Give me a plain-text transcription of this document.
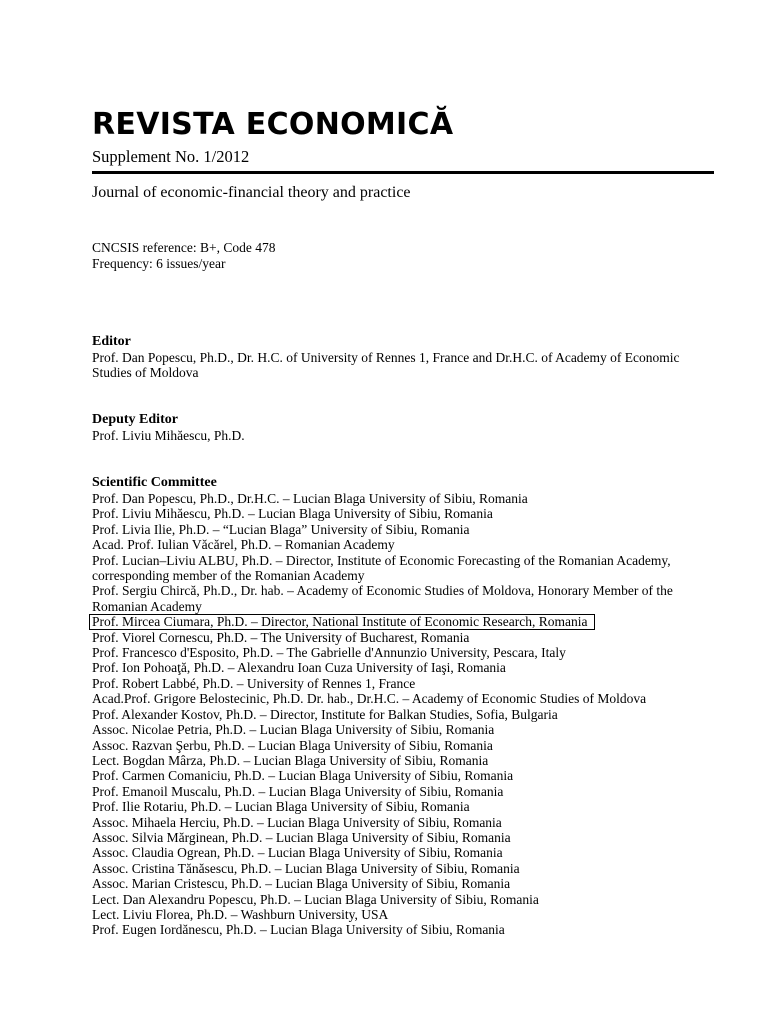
REVISTA ECONOMICĂ
Supplement No. 1/2012
Journal of economic-financial theory and practice
CNCSIS reference: B+, Code 478
Frequency: 6 issues/year
Editor
Prof. Dan Popescu, Ph.D., Dr. H.C. of University of Rennes 1, France and Dr.H.C. of Academy of Economic Studies of Moldova
Deputy Editor
Prof. Liviu Mihăescu, Ph.D.
Scientific Committee
Prof. Dan Popescu, Ph.D., Dr.H.C. – Lucian Blaga University of Sibiu, Romania
Prof. Liviu Mihăescu, Ph.D. – Lucian Blaga University of Sibiu, Romania
Prof. Livia Ilie, Ph.D. – “Lucian Blaga” University of Sibiu, Romania
Acad. Prof. Iulian Văcărel, Ph.D. – Romanian Academy
Prof. Lucian–Liviu ALBU, Ph.D. – Director, Institute of Economic Forecasting of the Romanian Academy, corresponding member of the Romanian Academy
Prof. Sergiu Chircă, Ph.D., Dr. hab. – Academy of Economic Studies of Moldova, Honorary Member of the Romanian Academy
Prof. Mircea Ciumara, Ph.D. – Director, National Institute of Economic Research, Romania
Prof. Viorel Cornescu, Ph.D. – The University of Bucharest, Romania
Prof. Francesco d'Esposito, Ph.D. – The Gabrielle d'Annunzio University, Pescara, Italy
Prof. Ion Pohoaţă, Ph.D. – Alexandru Ioan Cuza University of Iaşi, Romania
Prof. Robert Labbé, Ph.D. – University of Rennes 1, France
Acad.Prof. Grigore Belostecinic, Ph.D. Dr. hab., Dr.H.C. – Academy of Economic Studies of Moldova
Prof. Alexander Kostov, Ph.D. – Director, Institute for Balkan Studies, Sofia, Bulgaria
Assoc. Nicolae Petria, Ph.D. – Lucian Blaga University of Sibiu, Romania
Assoc. Razvan Şerbu, Ph.D. – Lucian Blaga University of Sibiu, Romania
Lect. Bogdan Mârza, Ph.D. – Lucian Blaga University of Sibiu, Romania
Prof. Carmen Comaniciu, Ph.D. – Lucian Blaga University of Sibiu, Romania
Prof. Emanoil Muscalu, Ph.D. – Lucian Blaga University of Sibiu, Romania
Prof. Ilie Rotariu, Ph.D. – Lucian Blaga University of Sibiu, Romania
Assoc. Mihaela Herciu, Ph.D. – Lucian Blaga University of Sibiu, Romania
Assoc. Silvia Mărginean, Ph.D. – Lucian Blaga University of Sibiu, Romania
Assoc. Claudia Ogrean, Ph.D. – Lucian Blaga University of Sibiu, Romania
Assoc. Cristina Tănăsescu, Ph.D. – Lucian Blaga University of Sibiu, Romania
Assoc. Marian Cristescu, Ph.D. – Lucian Blaga University of Sibiu, Romania
Lect. Dan Alexandru Popescu, Ph.D. – Lucian Blaga University of Sibiu, Romania
Lect. Liviu Florea, Ph.D. – Washburn University, USA
Prof. Eugen Iordănescu, Ph.D. – Lucian Blaga University of Sibiu, Romania
